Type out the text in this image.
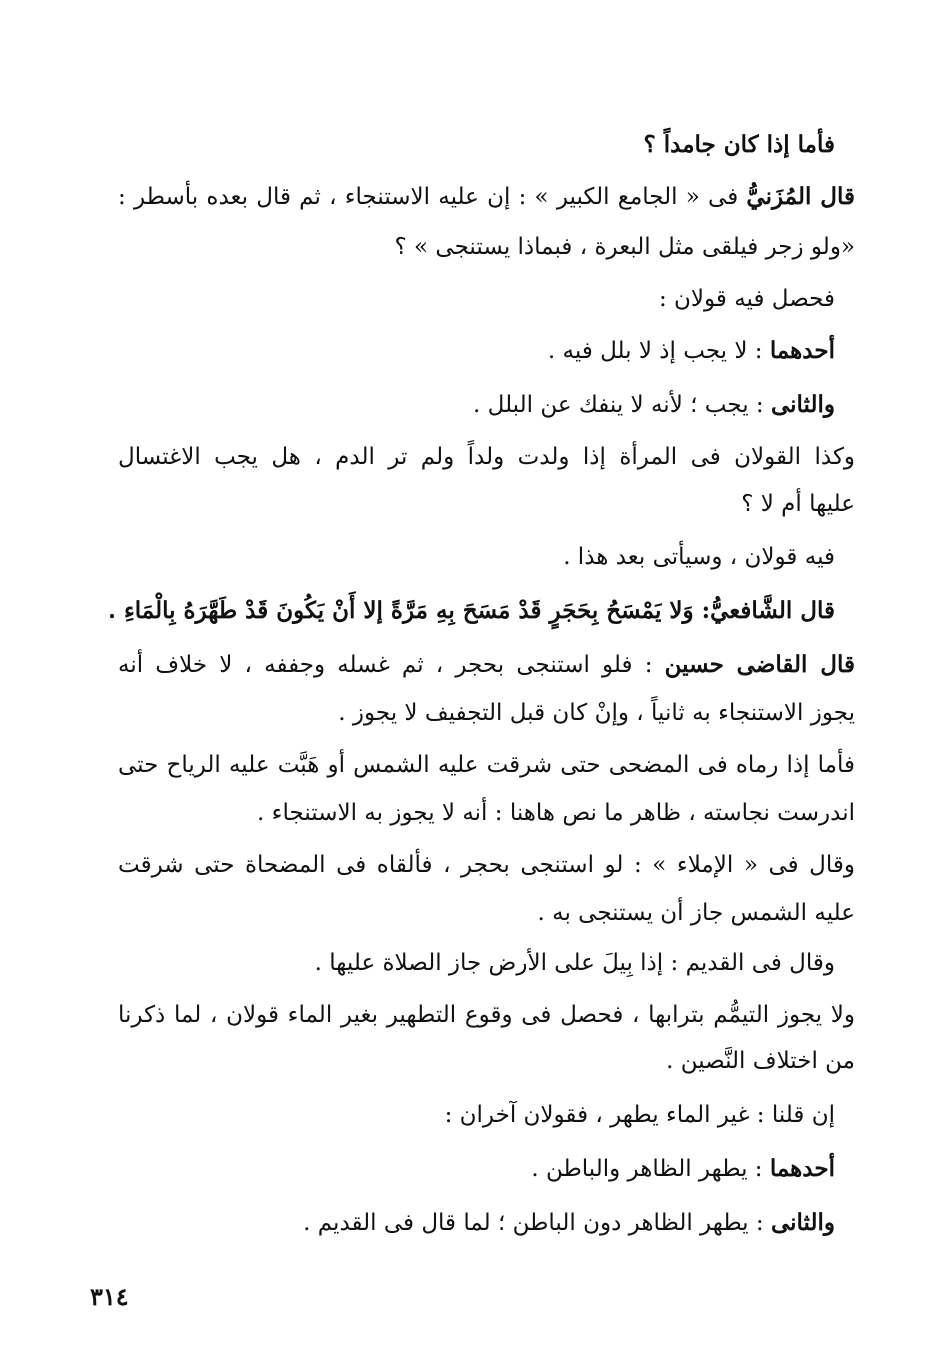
فأما إذا كان جامداً ؟
قال المُزَنيُّ فى « الجامع الكبير » : إن عليه الاستنجاء ، ثم قال بعده بأسطر :
«ولو زجر فيلقى مثل البعرة ، فبماذا يستنجى » ؟
فحصل فيه قولان :
أحدهما : لا يجب إذ لا بلل فيه .
والثانى : يجب ؛ لأنه لا ينفك عن البلل .
وكذا القولان فى المرأة إذا ولدت ولداً ولم تر الدم ، هل يجب الاغتسال
عليها أم لا ؟
فيه قولان ، وسيأتى بعد هذا .
قال الشَّافعيُّ: وَلا يَمْسَحُ بِحَجَرٍ قَدْ مَسَحَ بِهِ مَرَّةً إلا أَنْ يَكُونَ قَدْ طَهَّرَهُ بِالْمَاءِ .
قال القاضى حسين : فلو استنجى بحجر ، ثم غسله وجففه ، لا خلاف أنه
يجوز الاستنجاء به ثانياً ، وإنْ كان قبل التجفيف لا يجوز .
فأما إذا رماه فى المضحى حتى شرقت عليه الشمس أو هَبَّت عليه الرياح حتى
اندرست نجاسته ، ظاهر ما نص هاهنا : أنه لا يجوز به الاستنجاء .
وقال فى « الإملاء » : لو استنجى بحجر ، فألقاه فى المضحاة حتى شرقت
عليه الشمس جاز أن يستنجى به .
وقال فى القديم : إذا بِيلَ على الأرض جاز الصلاة عليها .
ولا يجوز التيمُّم بترابها ، فحصل فى وقوع التطهير بغير الماء قولان ، لما ذكرنا
من اختلاف النَّصين .
إن قلنا : غير الماء يطهر ، فقولان آخران :
أحدهما : يطهر الظاهر والباطن .
والثانى : يطهر الظاهر دون الباطن ؛ لما قال فى القديم .
٣١٤
